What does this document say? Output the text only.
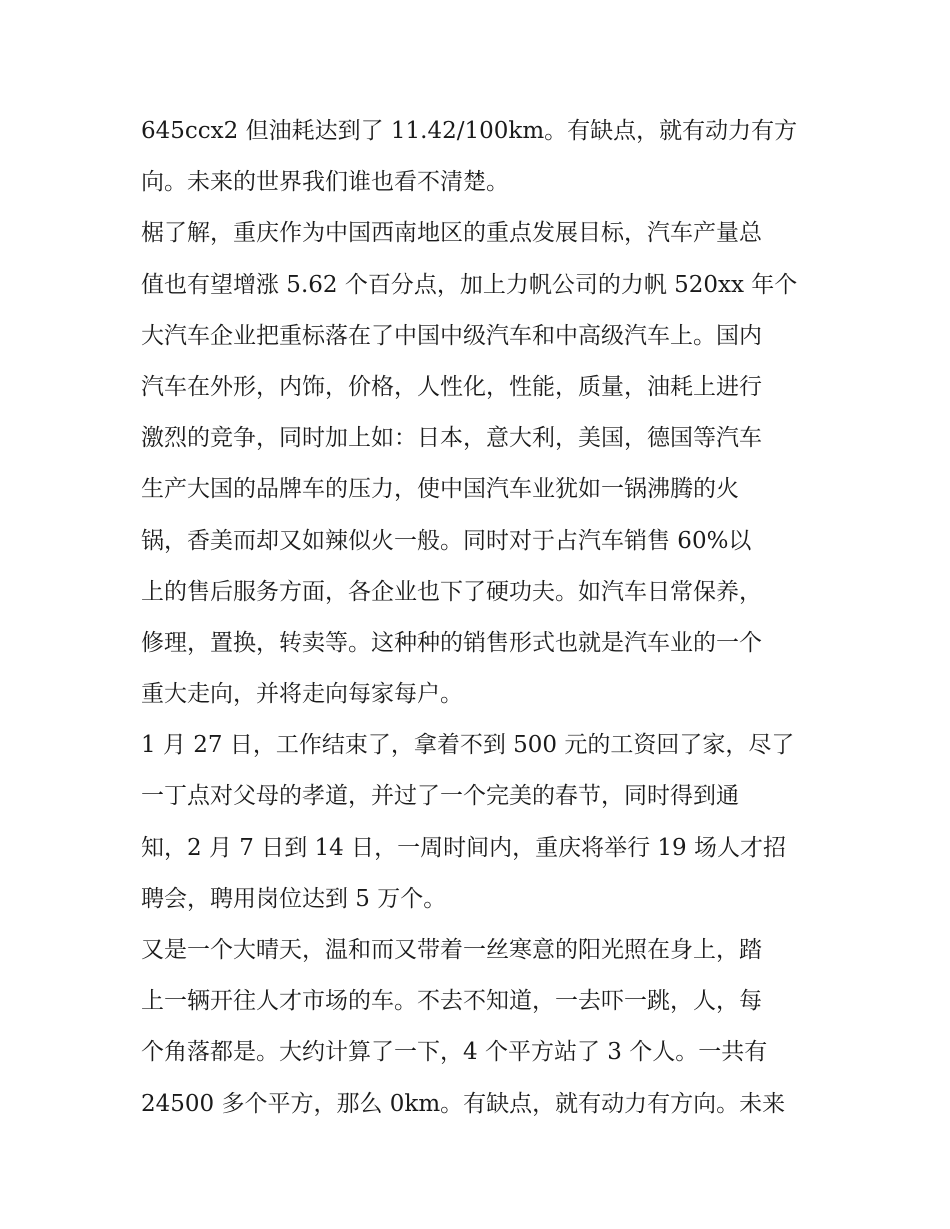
645ccx2 但油耗达到了 11.42/100km。有缺点，就有动力有方
向。未来的世界我们谁也看不清楚。
椐了解，重庆作为中国西南地区的重点发展目标，汽车产量总
值也有望增涨 5.62 个百分点，加上力帆公司的力帆 520xx 年个
大汽车企业把重标落在了中国中级汽车和中高级汽车上。国内
汽车在外形，内饰，价格，人性化，性能，质量，油耗上进行
激烈的竞争，同时加上如：日本，意大利，美国，德国等汽车
生产大国的品牌车的压力，使中国汽车业犹如一锅沸腾的火
锅，香美而却又如辣似火一般。同时对于占汽车销售 60%以
上的售后服务方面，各企业也下了硬功夫。如汽车日常保养，
修理，置换，转卖等。这种种的销售形式也就是汽车业的一个
重大走向，并将走向每家每户。
1 月 27 日，工作结束了，拿着不到 500 元的工资回了家，尽了
一丁点对父母的孝道，并过了一个完美的春节，同时得到通
知，2 月 7 日到 14 日，一周时间内，重庆将举行 19 场人才招
聘会，聘用岗位达到 5 万个。
又是一个大晴天，温和而又带着一丝寒意的阳光照在身上，踏
上一辆开往人才市场的车。不去不知道，一去吓一跳，人，每
个角落都是。大约计算了一下，4 个平方站了 3 个人。一共有
24500 多个平方，那么 0km。有缺点，就有动力有方向。未来
